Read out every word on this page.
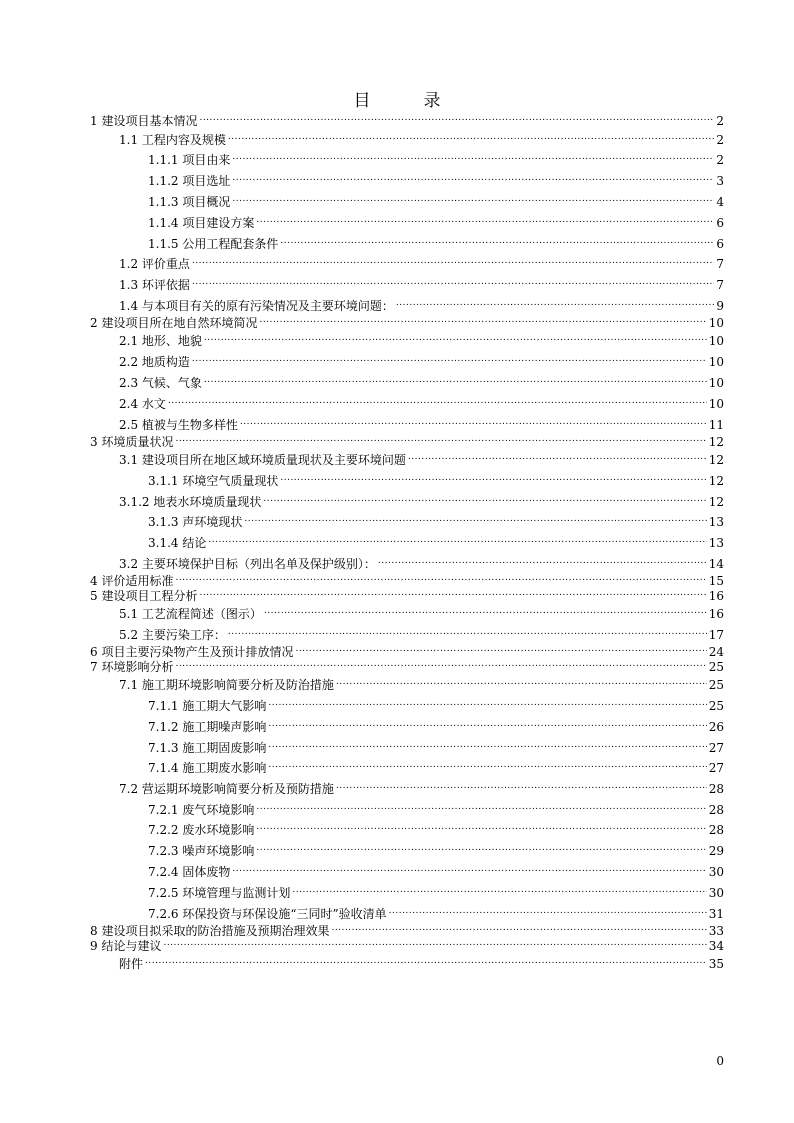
目　录
1 建设项目基本情况 .....	2
1.1 工程内容及规模 .....	2
1.1.1 项目由来 .....	2
1.1.2 项目选址 .....	3
1.1.3 项目概况 .....	4
1.1.4 项目建设方案 .....	6
1.1.5 公用工程配套条件 .....	6
1.2 评价重点 .....	7
1.3 环评依据 .....	7
1.4 与本项目有关的原有污染情况及主要环境问题： .....	9
2 建设项目所在地自然环境简况 .....	10
2.1 地形、地貌 .....	10
2.2 地质构造 .....	10
2.3 气候、气象 .....	10
2.4 水文 .....	10
2.5 植被与生物多样性 .....	11
3 环境质量状况 .....	12
3.1 建设项目所在地区域环境质量现状及主要环境问题 .....	12
3.1.1 环境空气质量现状 .....	12
3.1.2 地表水环境质量现状 .....	12
3.1.3 声环境现状 .....	13
3.1.4 结论 .....	13
3.2 主要环境保护目标（列出名单及保护级别）： .....	14
4 评价适用标准 .....	15
5 建设项目工程分析 .....	16
5.1 工艺流程简述（图示） .....	16
5.2 主要污染工序： .....	17
6 项目主要污染物产生及预计排放情况 .....	24
7 环境影响分析 .....	25
7.1 施工期环境影响简要分析及防治措施 .....	25
7.1.1 施工期大气影响 .....	25
7.1.2 施工期噪声影响 .....	26
7.1.3 施工期固废影响 .....	27
7.1.4 施工期废水影响 .....	27
7.2 营运期环境影响简要分析及预防措施 .....	28
7.2.1 废气环境影响 .....	28
7.2.2 废水环境影响 .....	28
7.2.3 噪声环境影响 .....	29
7.2.4 固体废物 .....	30
7.2.5 环境管理与监测计划 .....	30
7.2.6 环保投资与环保设施“三同时”验收清单 .....	31
8 建设项目拟采取的防治措施及预期治理效果 .....	33
9 结论与建议 .....	34
附件 .....	35
0
